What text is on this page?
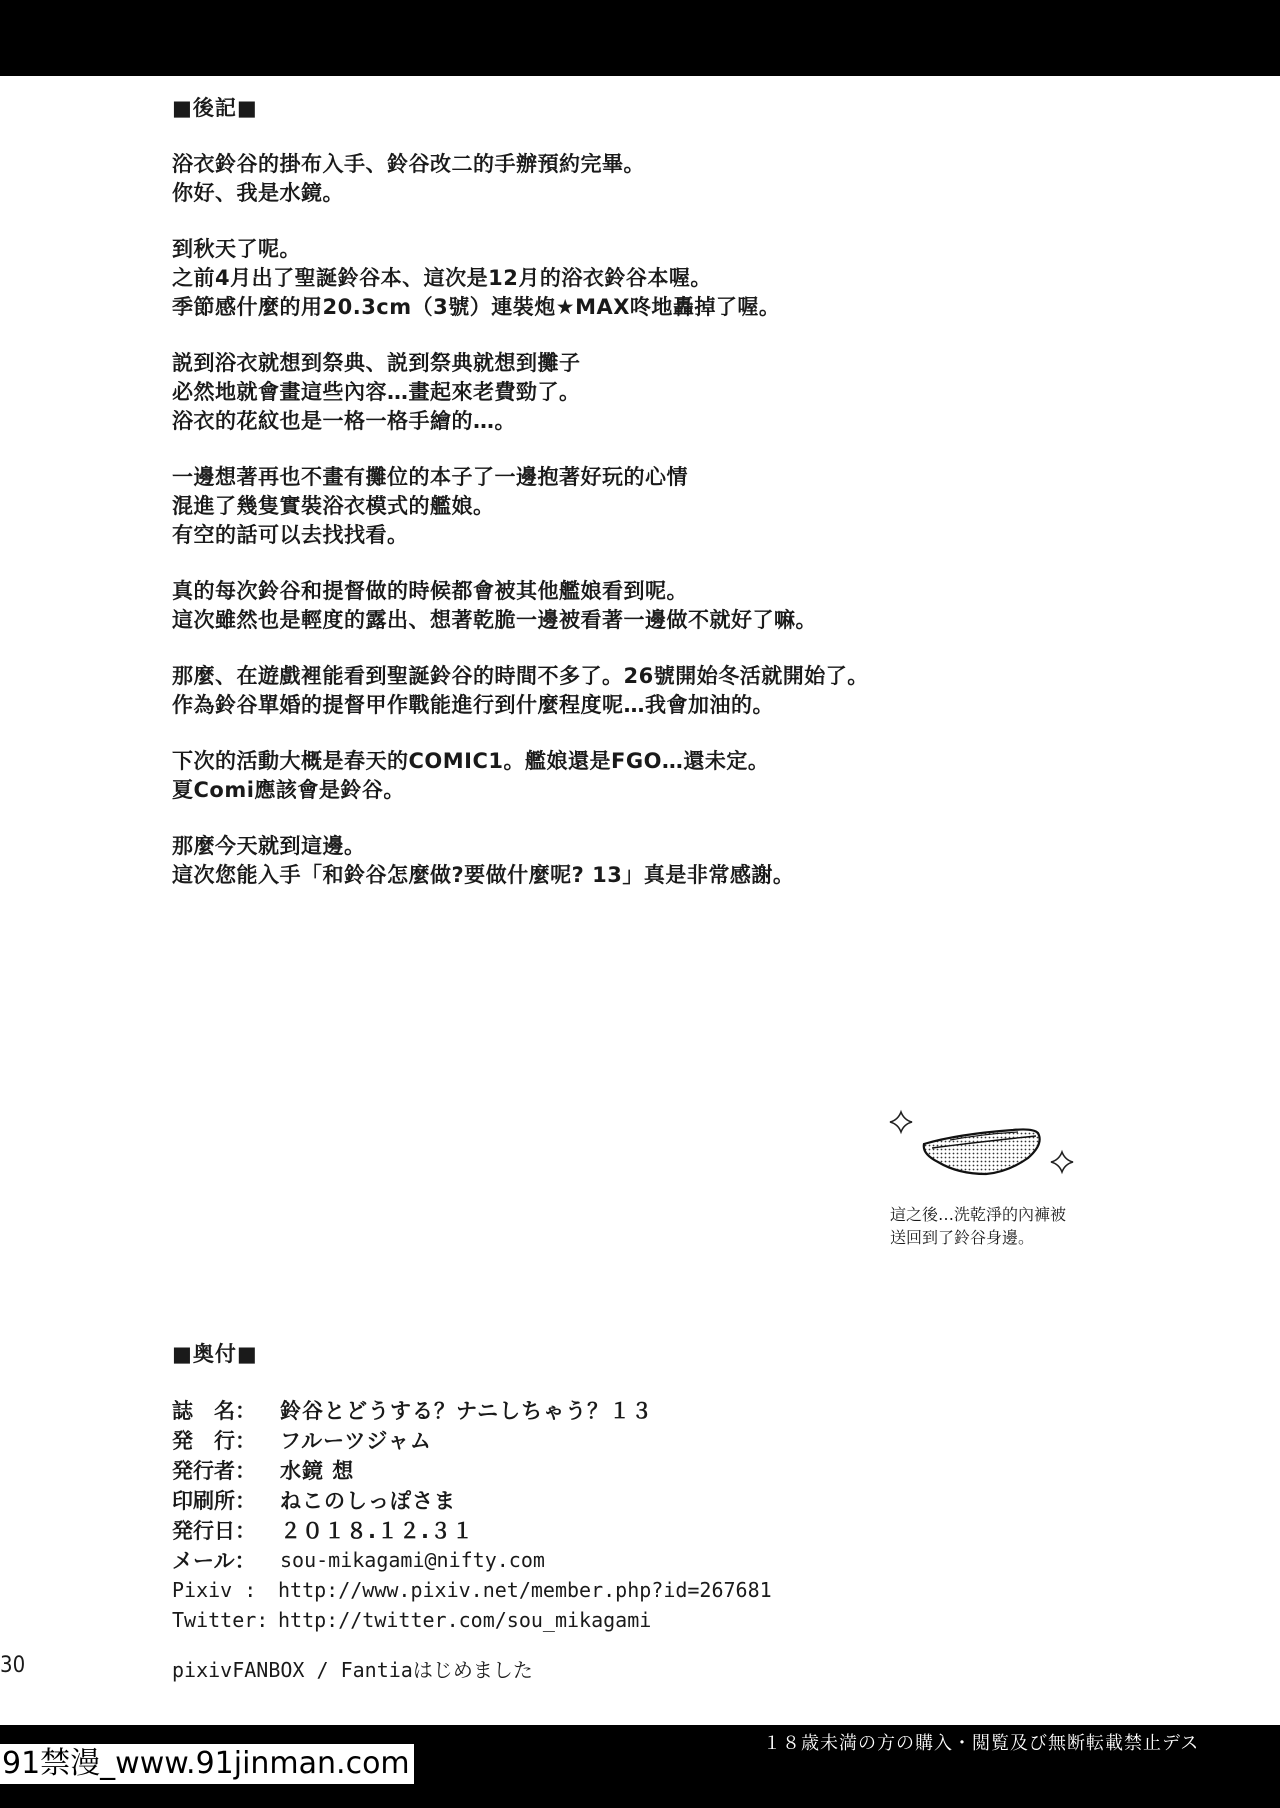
■後記■
浴衣鈴谷的掛布入手、鈴谷改二的手辦預約完畢。
你好、我是水鏡。
到秋天了呢。
之前4月出了聖誕鈴谷本、這次是12月的浴衣鈴谷本喔。
季節感什麼的用20.3cm（3號）連裝炮★MAX咚地轟掉了喔。
説到浴衣就想到祭典、説到祭典就想到攤子
必然地就會畫這些內容…畫起來老費勁了。
浴衣的花紋也是一格一格手繪的…。
一邊想著再也不畫有攤位的本子了一邊抱著好玩的心情
混進了幾隻實裝浴衣模式的艦娘。
有空的話可以去找找看。
真的每次鈴谷和提督做的時候都會被其他艦娘看到呢。
這次雖然也是輕度的露出、想著乾脆一邊被看著一邊做不就好了嘛。
那麼、在遊戲裡能看到聖誕鈴谷的時間不多了。26號開始冬活就開始了。
作為鈴谷單婚的提督甲作戰能進行到什麼程度呢…我會加油的。
下次的活動大概是春天的COMIC1。艦娘還是FGO…還未定。
夏Comi應該會是鈴谷。
那麼今天就到這邊。
這次您能入手「和鈴谷怎麼做?要做什麼呢? 13」真是非常感謝。
這之後…洗乾淨的內褲被
送回到了鈴谷身邊。
■奥付■
誌　名：	鈴谷とどうする？ナニしちゃう？１３
発　行：	フルーツジャム
発行者：	水鏡 想
印刷所：	ねこのしっぽさま
発行日：	２０１８.１２.３１
メール：	sou-mikagami@nifty.com
Pixiv :	http://www.pixiv.net/member.php?id=267681
Twitter: http://twitter.com/sou_mikagami
30	pixivFANBOX / Fantiaはじめました
１８歳未満の方の購入・閲覧及び無断転載禁止デス
91禁漫_www.91jinman.com
